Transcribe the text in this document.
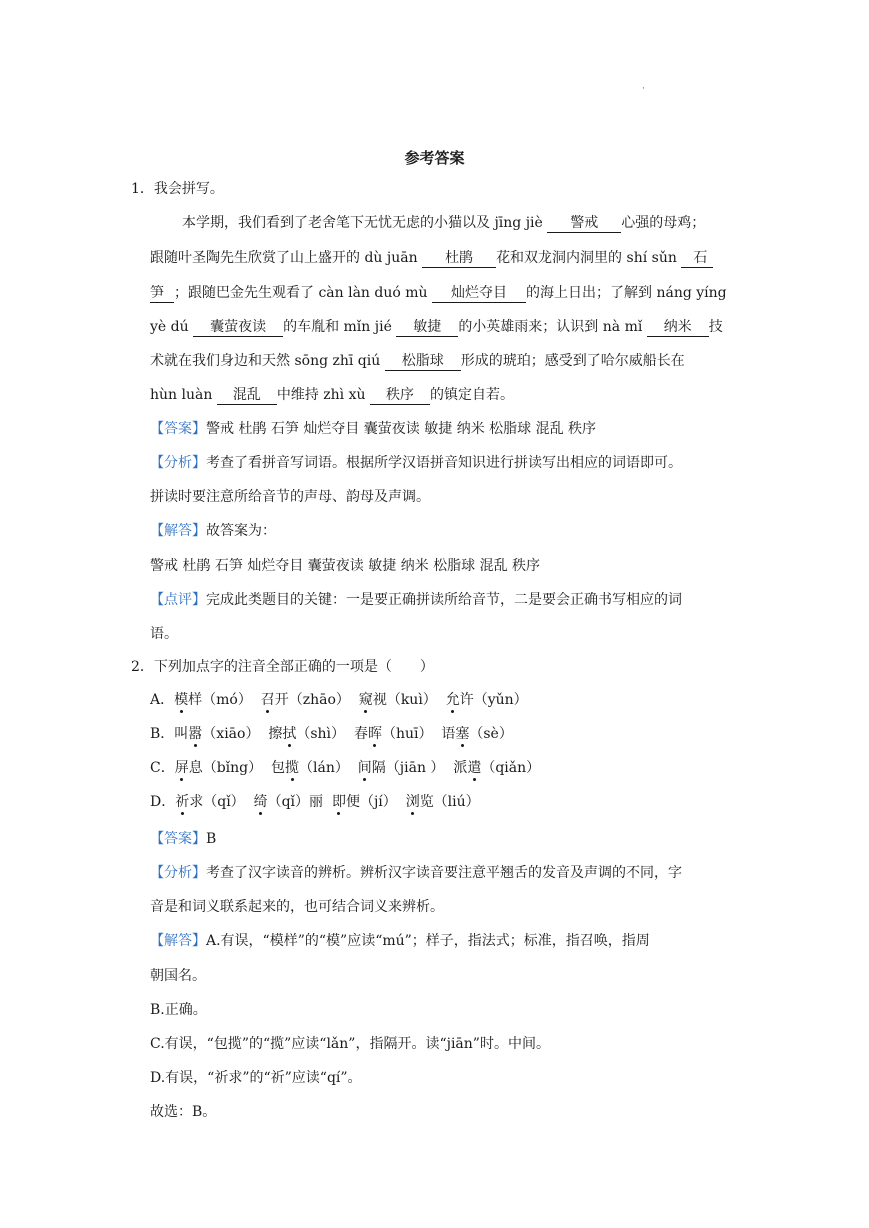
·
参考答案
1．我会拼写。
本学期，我们看到了老舍笔下无忧无虑的小猫以及 jīng jiè 警戒 心强的母鸡；
跟随叶圣陶先生欣赏了山上盛开的 dù juān 杜鹃 花和双龙洞内洞里的 shí sǔn 石
笋 ；跟随巴金先生观看了 càn làn duó mù 灿烂夺目 的海上日出；了解到 náng yíng
yè dú 囊萤夜读 的车胤和 mǐn jié 敏捷 的小英雄雨来；认识到 nà mǐ 纳米 技
术就在我们身边和天然 sōng zhī qiú 松脂球 形成的琥珀；感受到了哈尔威船长在
hùn luàn 混乱 中维持 zhì xù 秩序 的镇定自若。
【答案】警戒 杜鹃 石笋 灿烂夺目 囊萤夜读 敏捷 纳米 松脂球 混乱 秩序
【分析】考查了看拼音写词语。根据所学汉语拼音知识进行拼读写出相应的词语即可。
拼读时要注意所给音节的声母、韵母及声调。
【解答】故答案为：
警戒 杜鹃 石笋 灿烂夺目 囊萤夜读 敏捷 纳米 松脂球 混乱 秩序
【点评】完成此类题目的关键：一是要正确拼读所给音节，二是要会正确书写相应的词
语。
2．下列加点字的注音全部正确的一项是（　　）
A．模样（mó） 召开（zhāo） 窥视（kuì） 允许（yǔn）
B．叫嚣（xiāo） 擦拭（shì） 春晖（huī） 语塞（sè）
C．屏息（bǐng） 包揽（lán） 间隔（jiān ） 派遣（qiǎn）
D．祈求（qǐ） 绮（qǐ）丽 即便（jí） 浏览（liú）
【答案】B
【分析】考查了汉字读音的辨析。辨析汉字读音要注意平翘舌的发音及声调的不同，字
音是和词义联系起来的，也可结合词义来辨析。
【解答】A.有误，“模样”的“模”应读“mú”；样子，指法式；标准，指召唤，指周
朝国名。
B.正确。
C.有误，“包揽”的“揽”应读“lǎn”，指隔开。读“jiān”时。中间。
D.有误，“祈求”的“祈”应读“qí”。
故选：B。
